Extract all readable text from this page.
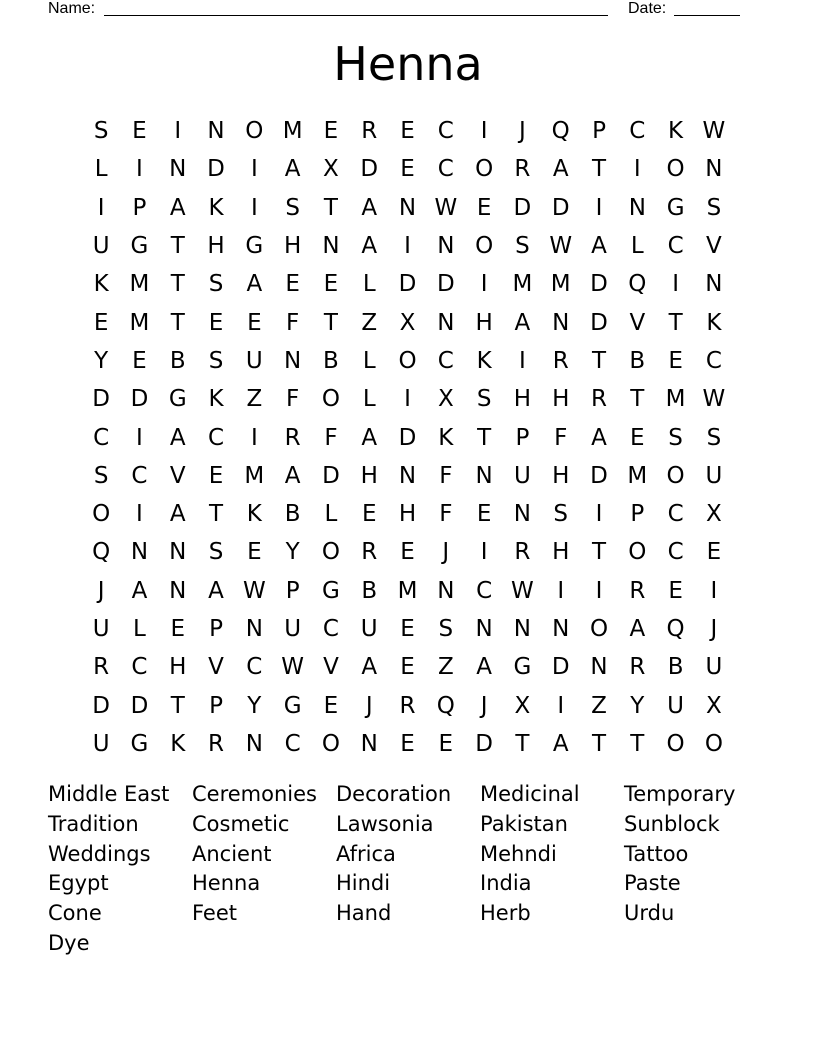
Name:	Date:
Henna
S	E	I	N O M E	R	E C	I	J	Q P	C K W
L	I	N D	I	A X D E C O R A	T	I	O N
I	P	A K	I	S	T	A N W E D D	I	N G S
U G T H G H N A	I	N O S W A	L	C V
K M T	S	A	E	E	L	D D	I	M M D Q	I	N
E M T	E	E	F	T	Z X N H A N D V	T	K
Y	E	B	S U N B	L O C K	I	R	T	B	E C
D D G K Z	F O L	I	X	S H H R	T M W
C	I	A C	I	R	F	A D K	T	P	F	A	E	S	S
S C V	E M A D H N	F	N U H D M O U
O	I	A	T	K B	L	E H	F	E N S	I	P	C X
Q N N S	E	Y O R	E	J	I	R H T O C	E
J	A N A W P G B M N C W	I	I	R	E	I
U	L	E	P N U C U E	S N N N O A Q	J
R C H V C W V A	E	Z A G D N R B U
D D T	P	Y G E	J	R Q	J	X	I	Z	Y U X
U G K R N C O N E	E D T	A	T	T O O
Middle East	Ceremonies Decoration	Medicinal	Temporary
Tradition	Cosmetic	Lawsonia	Pakistan	Sunblock
Weddings	Ancient	Africa	Mehndi	Tattoo
Egypt	Henna	Hindi	India	Paste
Cone	Feet	Hand	Herb	Urdu
Dye
